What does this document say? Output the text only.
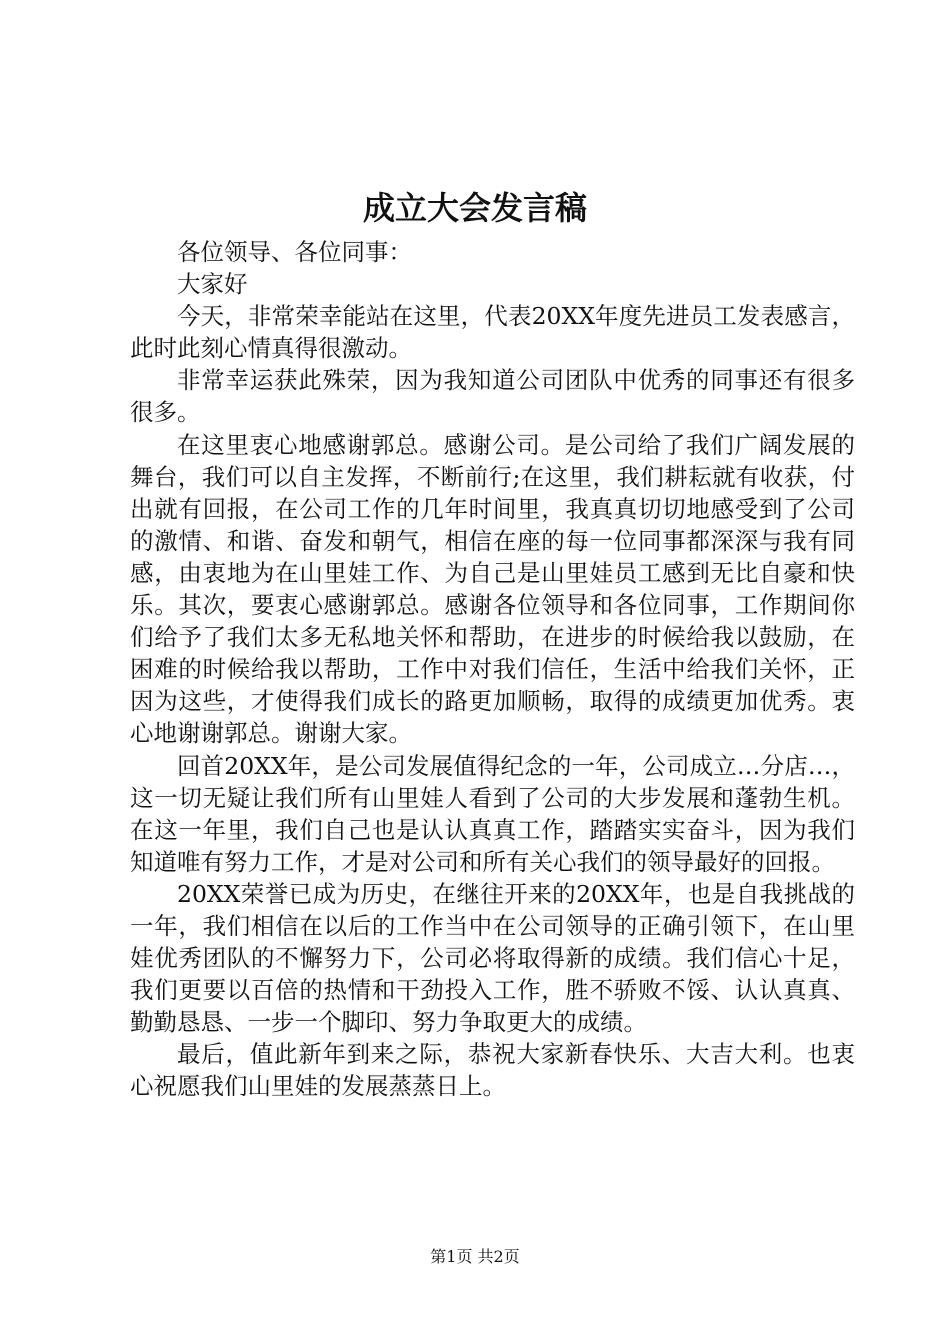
成立大会发言稿

各位领导、各位同事：

大家好

今天，非常荣幸能站在这里，代表20XX年度先进员工发表感言，此时此刻心情真得很激动。

非常幸运获此殊荣，因为我知道公司团队中优秀的同事还有很多很多。

在这里衷心地感谢郭总。感谢公司。是公司给了我们广阔发展的舞台，我们可以自主发挥，不断前行;在这里，我们耕耘就有收获，付出就有回报，在公司工作的几年时间里，我真真切切地感受到了公司的激情、和谐、奋发和朝气，相信在座的每一位同事都深深与我有同感，由衷地为在山里娃工作、为自己是山里娃员工感到无比自豪和快乐。其次，要衷心感谢郭总。感谢各位领导和各位同事，工作期间你们给予了我们太多无私地关怀和帮助，在进步的时候给我以鼓励，在困难的时候给我以帮助，工作中对我们信任，生活中给我们关怀，正因为这些，才使得我们成长的路更加顺畅，取得的成绩更加优秀。衷心地谢谢郭总。谢谢大家。

回首20XX年，是公司发展值得纪念的一年，公司成立…分店…，这一切无疑让我们所有山里娃人看到了公司的大步发展和蓬勃生机。在这一年里，我们自己也是认认真真工作，踏踏实实奋斗，因为我们知道唯有努力工作，才是对公司和所有关心我们的领导最好的回报。

20XX荣誉已成为历史，在继往开来的20XX年，也是自我挑战的一年，我们相信在以后的工作当中在公司领导的正确引领下，在山里娃优秀团队的不懈努力下，公司必将取得新的成绩。我们信心十足，我们更要以百倍的热情和干劲投入工作，胜不骄败不馁、认认真真、勤勤恳恳、一步一个脚印、努力争取更大的成绩。

最后，值此新年到来之际，恭祝大家新春快乐、大吉大利。也衷心祝愿我们山里娃的发展蒸蒸日上。

第1页 共2页
